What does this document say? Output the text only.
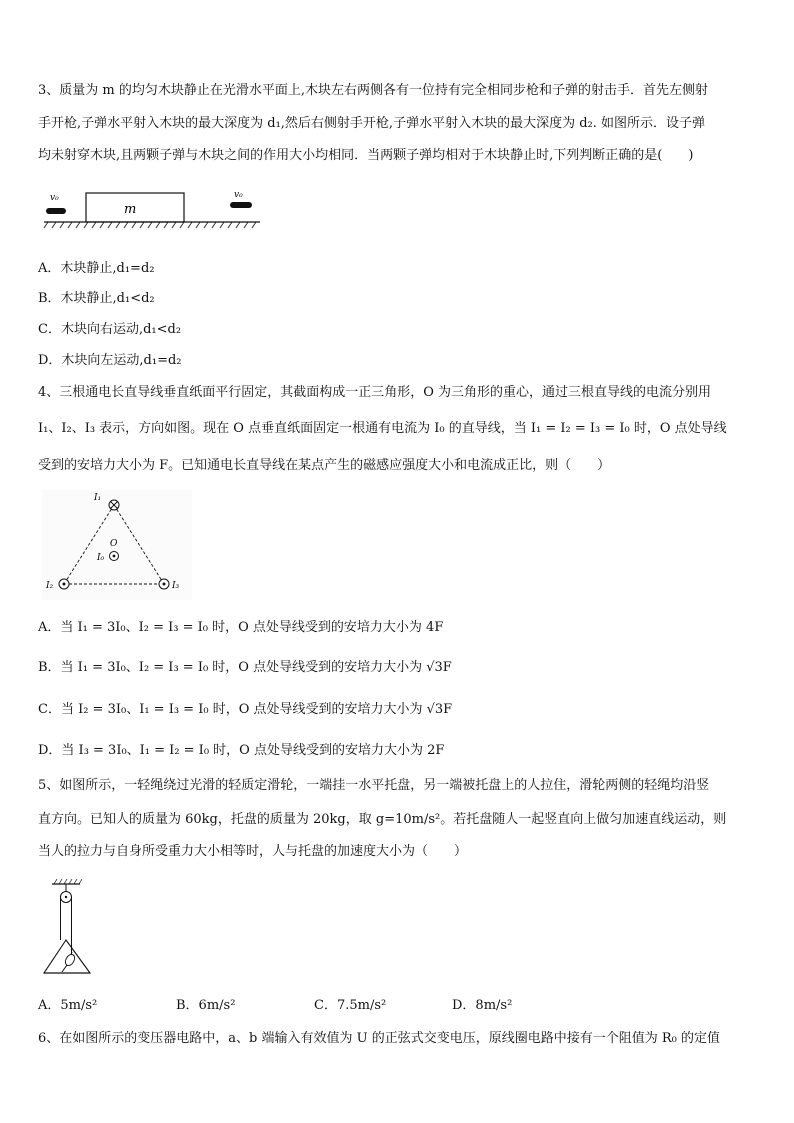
3、质量为 m 的均匀木块静止在光滑水平面上,木块左右两侧各有一位持有完全相同步枪和子弹的射击手．首先左侧射
手开枪,子弹水平射入木块的最大深度为 d₁,然后右侧射手开枪,子弹水平射入木块的最大深度为 d₂. 如图所示．设子弹
均未射穿木块,且两颗子弹与木块之间的作用大小均相同．当两颗子弹均相对于木块静止时,下列判断正确的是(　　)
v₀
m
v₀
A．木块静止,d₁=d₂
B．木块静止,d₁<d₂
C．木块向右运动,d₁<d₂
D．木块向左运动,d₁=d₂
4、三根通电长直导线垂直纸面平行固定，其截面构成一正三角形，O 为三角形的重心，通过三根直导线的电流分别用
I₁、I₂、I₃ 表示，方向如图。现在 O 点垂直纸面固定一根通有电流为 I₀ 的直导线，当 I₁ = I₂ = I₃ = I₀ 时，O 点处导线
受到的安培力大小为 F。已知通电长直导线在某点产生的磁感应强度大小和电流成正比，则（　　）
I₁
I₂	I₃
O
I₀
A．当 I₁ = 3I₀、I₂ = I₃ = I₀ 时，O 点处导线受到的安培力大小为 4F
B．当 I₁ = 3I₀、I₂ = I₃ = I₀ 时，O 点处导线受到的安培力大小为 √3F
C．当 I₂ = 3I₀、I₁ = I₃ = I₀ 时，O 点处导线受到的安培力大小为 √3F
D．当 I₃ = 3I₀、I₁ = I₂ = I₀ 时，O 点处导线受到的安培力大小为 2F
5、如图所示，一轻绳绕过光滑的轻质定滑轮，一端挂一水平托盘，另一端被托盘上的人拉住，滑轮两侧的轻绳均沿竖
直方向。已知人的质量为 60kg，托盘的质量为 20kg，取 g=10m/s²。若托盘随人一起竖直向上做匀加速直线运动，则
当人的拉力与自身所受重力大小相等时，人与托盘的加速度大小为（　　）
A．5m/s²	B．6m/s²	C．7.5m/s²	D．8m/s²
6、在如图所示的变压器电路中，a、b 端输入有效值为 U 的正弦式交变电压，原线圈电路中接有一个阻值为 R₀ 的定值
